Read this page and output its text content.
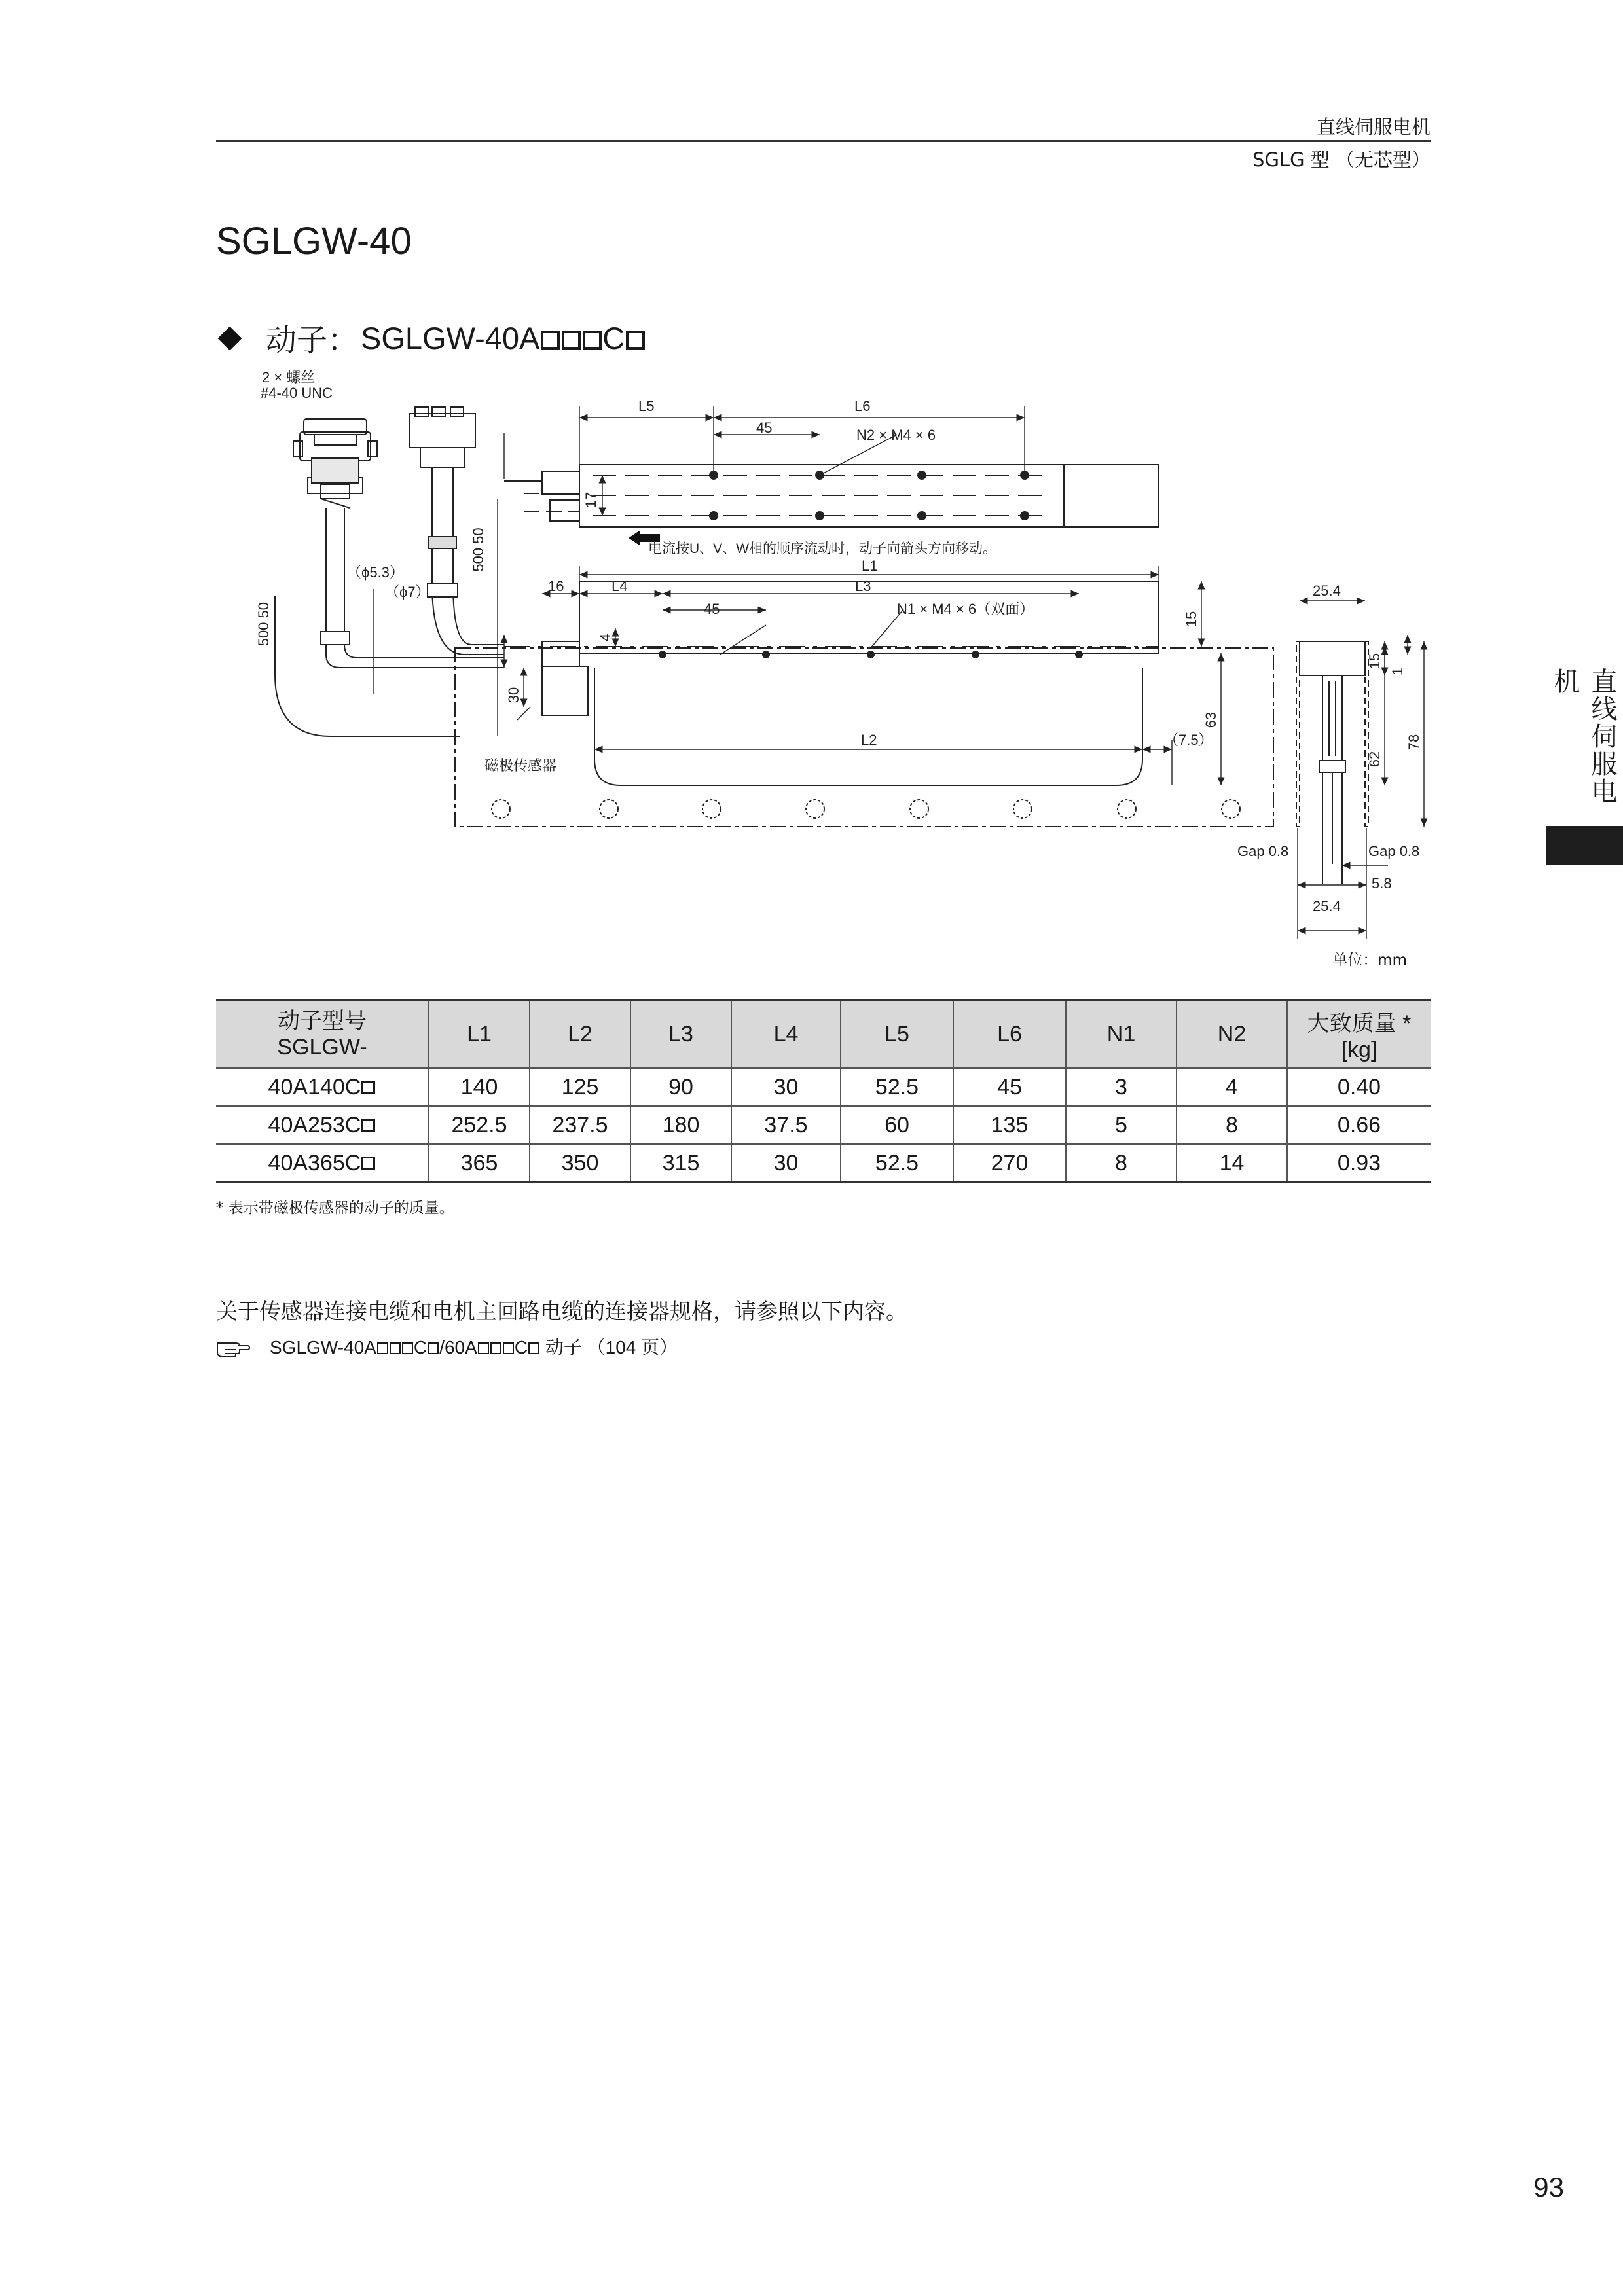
直线伺服电机
SGLG 型 （无芯型）
SGLGW-40
动子： SGLGW-40A C
直线伺服电机
2 × 螺丝
#4-40 UNC
500 50
500 50
（ϕ5.3）
（ϕ7）
电流按U、V、W相的顺序流动时，动子向箭头方向移动。
磁极传感器
L5	L6
45	N2 × M4 × 6
L1
16	L4	L3
45	N1 × M4 × 6（双面）
17
4
30
15
63
L2	（7.5）
25.4
15
1
62
78
Gap 0.8	Gap 0.8
5.8
25.4
单位：mm
动子型号
SGLGW-	L1	L2	L3	L4	L5	L6	N1	N2	大致质量 *
[kg]
40A140C	140	125	90	30	52.5	45	3	4	0.40
40A253C	252.5	237.5	180	37.5	60	135	5	8	0.66
40A365C	365	350	315	30	52.5	270	8	14	0.93
* 表示带磁极传感器的动子的质量。
关于传感器连接电缆和电机主回路电缆的连接器规格，请参照以下内容。
SGLGW-40A C /60A C 动子 （104 页）
93
